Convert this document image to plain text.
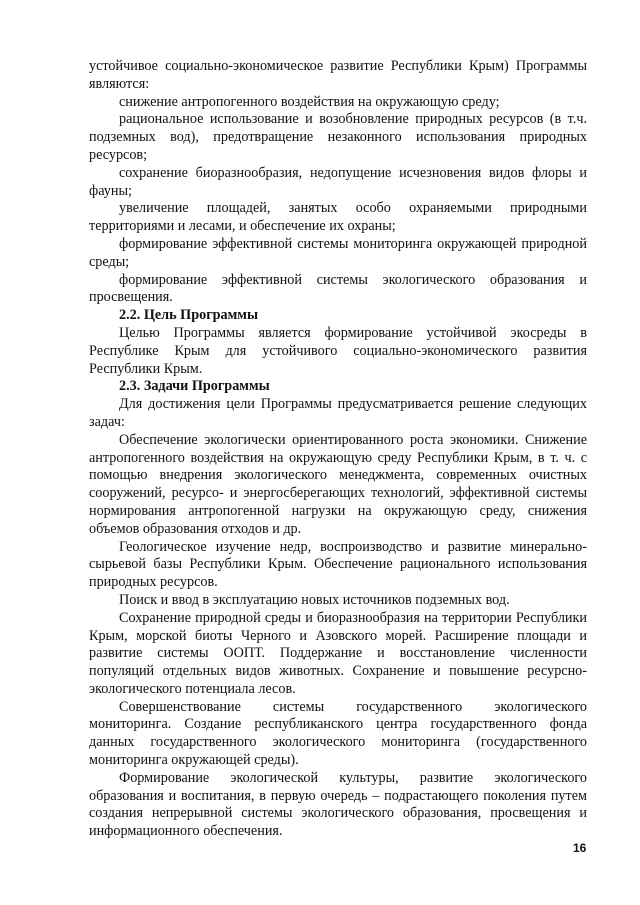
устойчивое социально-экономическое развитие Республики Крым) Программы являются:

снижение антропогенного воздействия на окружающую среду;

рациональное использование и возобновление природных ресурсов (в т.ч. подземных вод), предотвращение незаконного использования природных ресурсов;

сохранение биоразнообразия, недопущение исчезновения видов флоры и фауны;

увеличение площадей, занятых особо охраняемыми природными территориями и лесами, и обеспечение их охраны;

формирование эффективной системы мониторинга окружающей природной среды;

формирование эффективной системы экологического образования и просвещения.

2.2. Цель Программы

Целью Программы является формирование устойчивой экосреды в Республике Крым для устойчивого социально-экономического развития Республики Крым.

2.3. Задачи Программы

Для достижения цели Программы предусматривается решение следующих задач:

Обеспечение экологически ориентированного роста экономики. Снижение антропогенного воздействия на окружающую среду Республики Крым, в т. ч. с помощью внедрения экологического менеджмента, современных очистных сооружений, ресурсо- и энергосберегающих технологий, эффективной системы нормирования антропогенной нагрузки на окружающую среду, снижения объемов образования отходов и др.

Геологическое изучение недр, воспроизводство и развитие минерально-сырьевой базы Республики Крым. Обеспечение рационального использования природных ресурсов.

Поиск и ввод в эксплуатацию новых источников подземных вод.

Сохранение природной среды и биоразнообразия на территории Республики Крым, морской биоты Черного и Азовского морей. Расширение площади и развитие системы ООПТ. Поддержание и восстановление численности популяций отдельных видов животных. Сохранение и повышение ресурсно-экологического потенциала лесов.

Совершенствование системы государственного экологического мониторинга. Создание республиканского центра государственного фонда данных государственного экологического мониторинга (государственного мониторинга окружающей среды).

Формирование экологической культуры, развитие экологического образования и воспитания, в первую очередь – подрастающего поколения путем создания непрерывной системы экологического образования, просвещения и информационного обеспечения.

16
